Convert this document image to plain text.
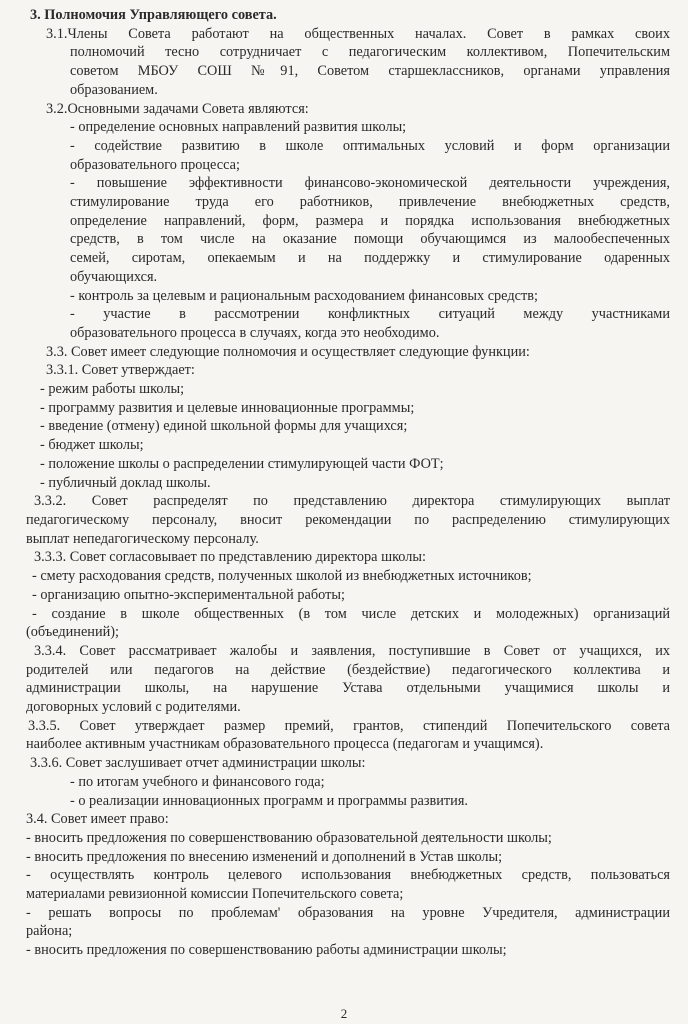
3. Полномочия Управляющего совета.
3.1.Члены Совета работают на общественных началах. Совет в рамках своих
полномочий тесно сотрудничает с педагогическим коллективом, Попечительским
советом МБОУ СОШ №91, Советом старшеклассников, органами управления
образованием.
3.2.Основными задачами Совета являются:
- определение основных направлений развития школы;
- содействие развитию в школе оптимальных условий и форм организации
образовательного процесса;
- повышение эффективности финансово-экономической деятельности учреждения,
стимулирование труда его работников, привлечение внебюджетных средств,
определение направлений, форм, размера и порядка использования внебюджетных
средств, в том числе на оказание помощи обучающимся из малообеспеченных
семей, сиротам, опекаемым и на поддержку и стимулирование одаренных
обучающихся.
- контроль за целевым и рациональным расходованием финансовых средств;
- участие в рассмотрении конфликтных ситуаций между участниками
образовательного процесса в случаях, когда это необходимо.
3.3. Совет имеет следующие полномочия и осуществляет следующие функции:
3.3.1. Совет утверждает:
- режим работы школы;
- программу развития и целевые инновационные программы;
- введение (отмену) единой школьной формы для учащихся;
- бюджет школы;
- положение школы о распределении стимулирующей части ФОТ;
- публичный доклад школы.
3.3.2. Совет распределят по представлению директора стимулирующих выплат
педагогическому персоналу, вносит рекомендации по распределению стимулирующих
выплат непедагогическому персоналу.
3.3.3. Совет согласовывает по представлению директора школы:
- смету расходования средств, полученных школой из внебюджетных источников;
- организацию опытно-экспериментальной работы;
- создание в школе общественных (в том числе детских и молодежных) организаций
(объединений);
3.3.4. Совет рассматривает жалобы и заявления, поступившие в Совет от учащихся, их
родителей или педагогов на действие (бездействие) педагогического коллектива и
администрации школы, на нарушение Устава отдельными учащимися школы и
договорных условий с родителями.
3.3.5. Совет утверждает размер премий, грантов, стипендий Попечительского совета
наиболее активным участникам образовательного процесса (педагогам и учащимся).
3.3.6. Совет заслушивает отчет администрации школы:
- по итогам учебного и финансового года;
- о реализации инновационных программ и программы развития.
3.4. Совет имеет право:
- вносить предложения по совершенствованию образовательной деятельности школы;
- вносить предложения по внесению изменений и дополнений в Устав школы;
- осуществлять контроль целевого использования внебюджетных средств, пользоваться
материалами ревизионной комиссии Попечительского совета;
- решать вопросы по проблемам' образования на уровне Учредителя, администрации
района;
- вносить предложения по совершенствованию работы администрации школы;
2
